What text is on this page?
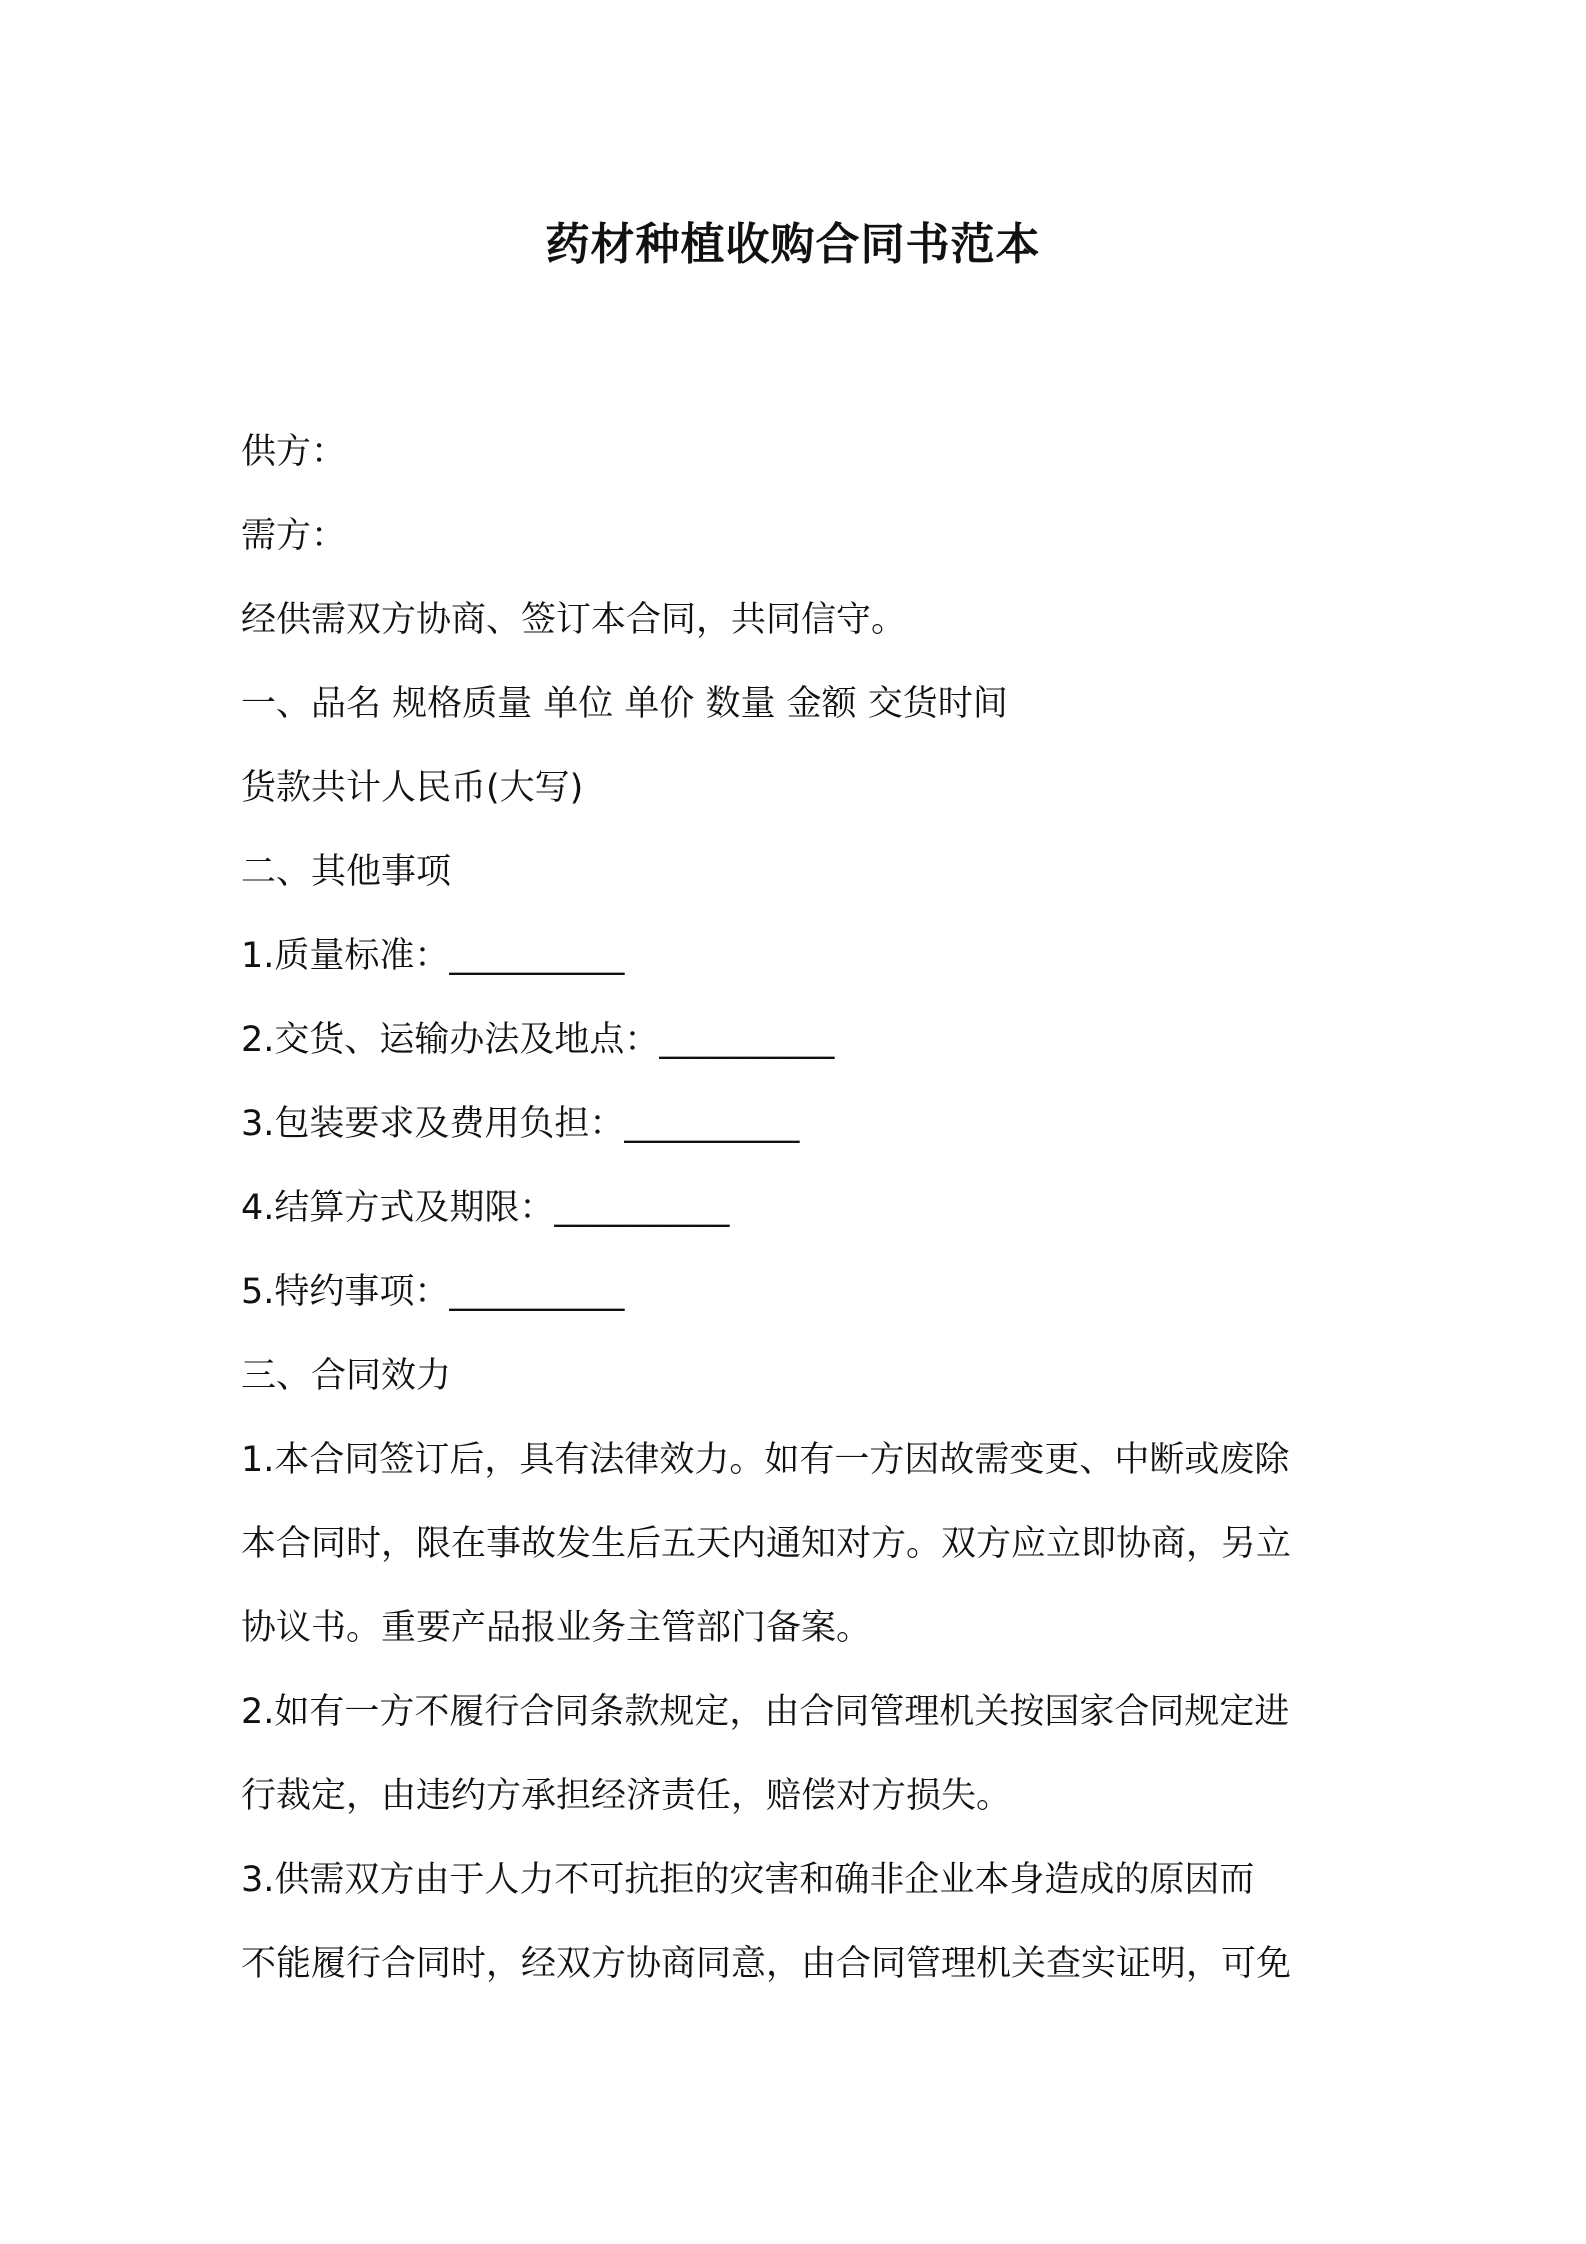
药材种植收购合同书范本
供方：
需方：
经供需双方协商、签订本合同，共同信守。
一、品名 规格质量 单位 单价 数量 金额 交货时间
货款共计人民币(大写)
二、其他事项
1.质量标准：__________
2.交货、运输办法及地点：__________
3.包装要求及费用负担：__________
4.结算方式及期限：__________
5.特约事项：__________
三、合同效力
1.本合同签订后，具有法律效力。如有一方因故需变更、中断或废除
本合同时，限在事故发生后五天内通知对方。双方应立即协商，另立
协议书。重要产品报业务主管部门备案。
2.如有一方不履行合同条款规定，由合同管理机关按国家合同规定进
行裁定，由违约方承担经济责任，赔偿对方损失。
3.供需双方由于人力不可抗拒的灾害和确非企业本身造成的原因而
不能履行合同时，经双方协商同意，由合同管理机关查实证明，可免
